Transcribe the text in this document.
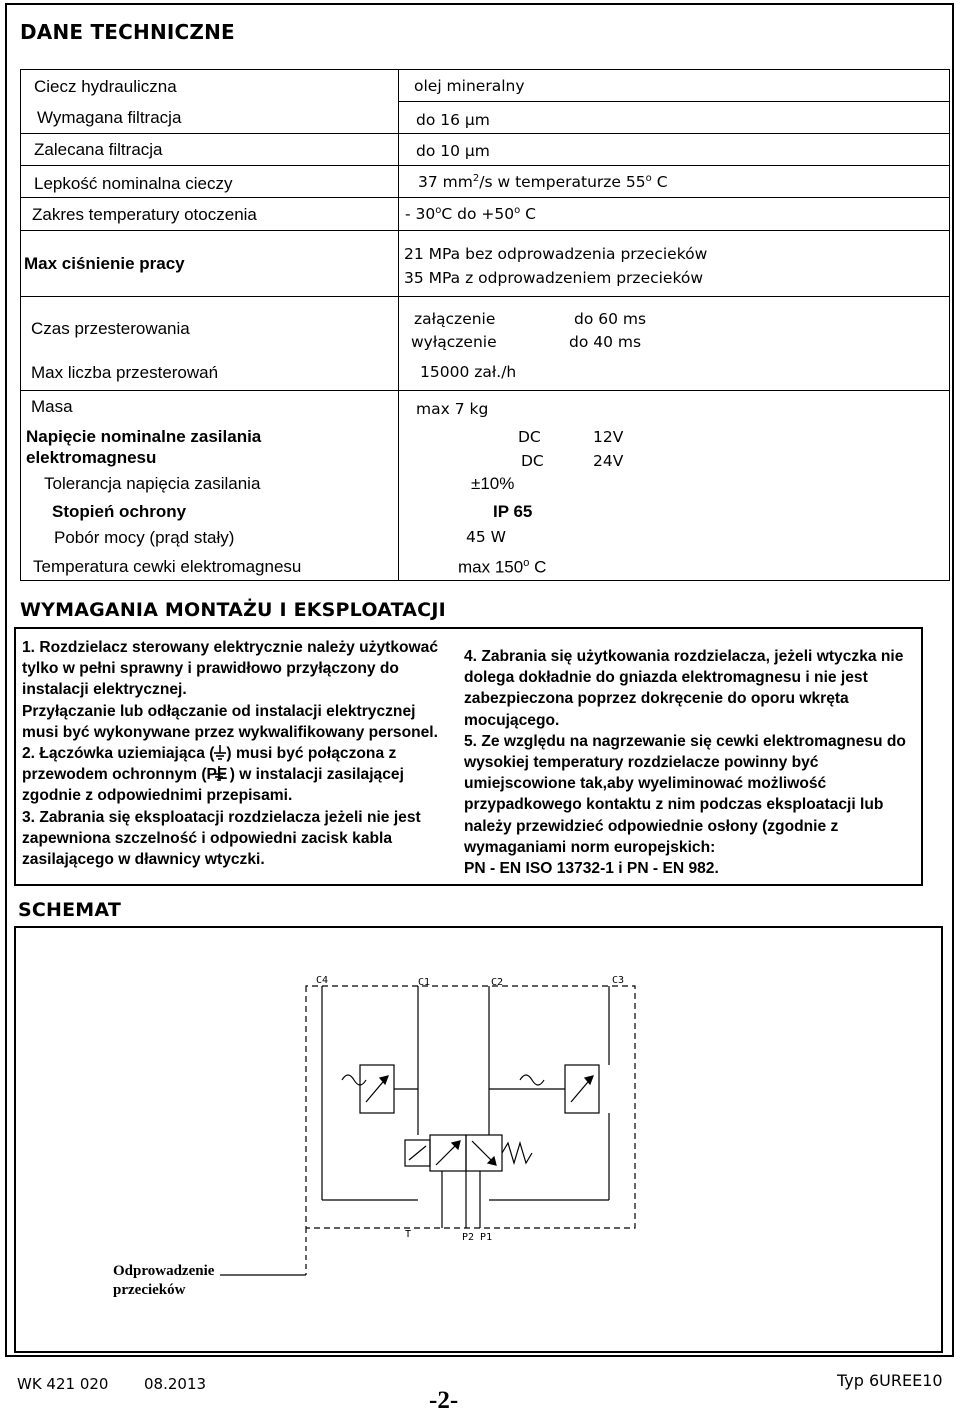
DANE TECHNICZNE
Ciecz hydrauliczna	olej mineralny
Wymagana filtracja	do 16 µm
Zalecana filtracja	do 10 µm
Lepkość nominalna cieczy	37 $mm^2/s$ w temperaturze 55$^o$ C
Zakres temperatury otoczenia	- 30$^o$C do $+50^o$ C
Max ciśnienie pracy	21 MPa bez odprowadzenia przecieków
35 MPa z odprowadzeniem przecieków
Czas przesterowania	załączenie	do 60 ms
wyłączenie	do 40 ms
Max liczba przesterowań	15000 zał./h
Masa	max 7 kg
Napięcie nominalne zasilania
elektromagnesu
DC	12V
DC	24V
Tolerancja napięcia zasilania	±10%
Stopień ochrony	IP 65
Pobór mocy (prąd stały)	45 W
Temperatura cewki elektromagnesu	max 150$^o$ C
WYMAGANIA MONTAŻU I EKSPLOATACJI
1. Rozdzielacz sterowany elektrycznie należy użytkować tylko w pełni sprawny i prawidłowo przyłączony do instalacji elektrycznej.
Przyłączanie lub odłączanie od instalacji elektrycznej musi być wykonywane przez wykwalifikowany personel.
2. Łączówka uziemiająca ( ) musi być połączona z przewodem ochronnym (PE ) w instalacji zasilającej zgodnie z odpowiednimi przepisami.
3. Zabrania się eksploatacji rozdzielacza jeżeli nie jest zapewniona szczelność i odpowiedni zacisk kabla zasilającego w dławnicy wtyczki.
4. Zabrania się użytkowania rozdzielacza, jeżeli wtyczka nie dolega dokładnie do gniazda elektromagnesu i nie jest zabezpieczona poprzez dokręcenie do oporu wkręta mocującego.
5. Ze względu na nagrzewanie się cewki elektromagnesu do wysokiej temperatury rozdzielacze powinny być umiejscowione tak,aby wyeliminować możliwość przypadkowego kontaktu z nim podczas eksploatacji lub należy przewidzieć odpowiednie osłony (zgodnie z wymaganiami norm europejskich:
PN - EN ISO 13732-1 i PN - EN 982.
SCHEMAT
C4	C1	C2	C3
T	P2 P1
Odprowadzenie
przecieków
WK 421 020 08.2013
-2-
Typ 6UREE10
